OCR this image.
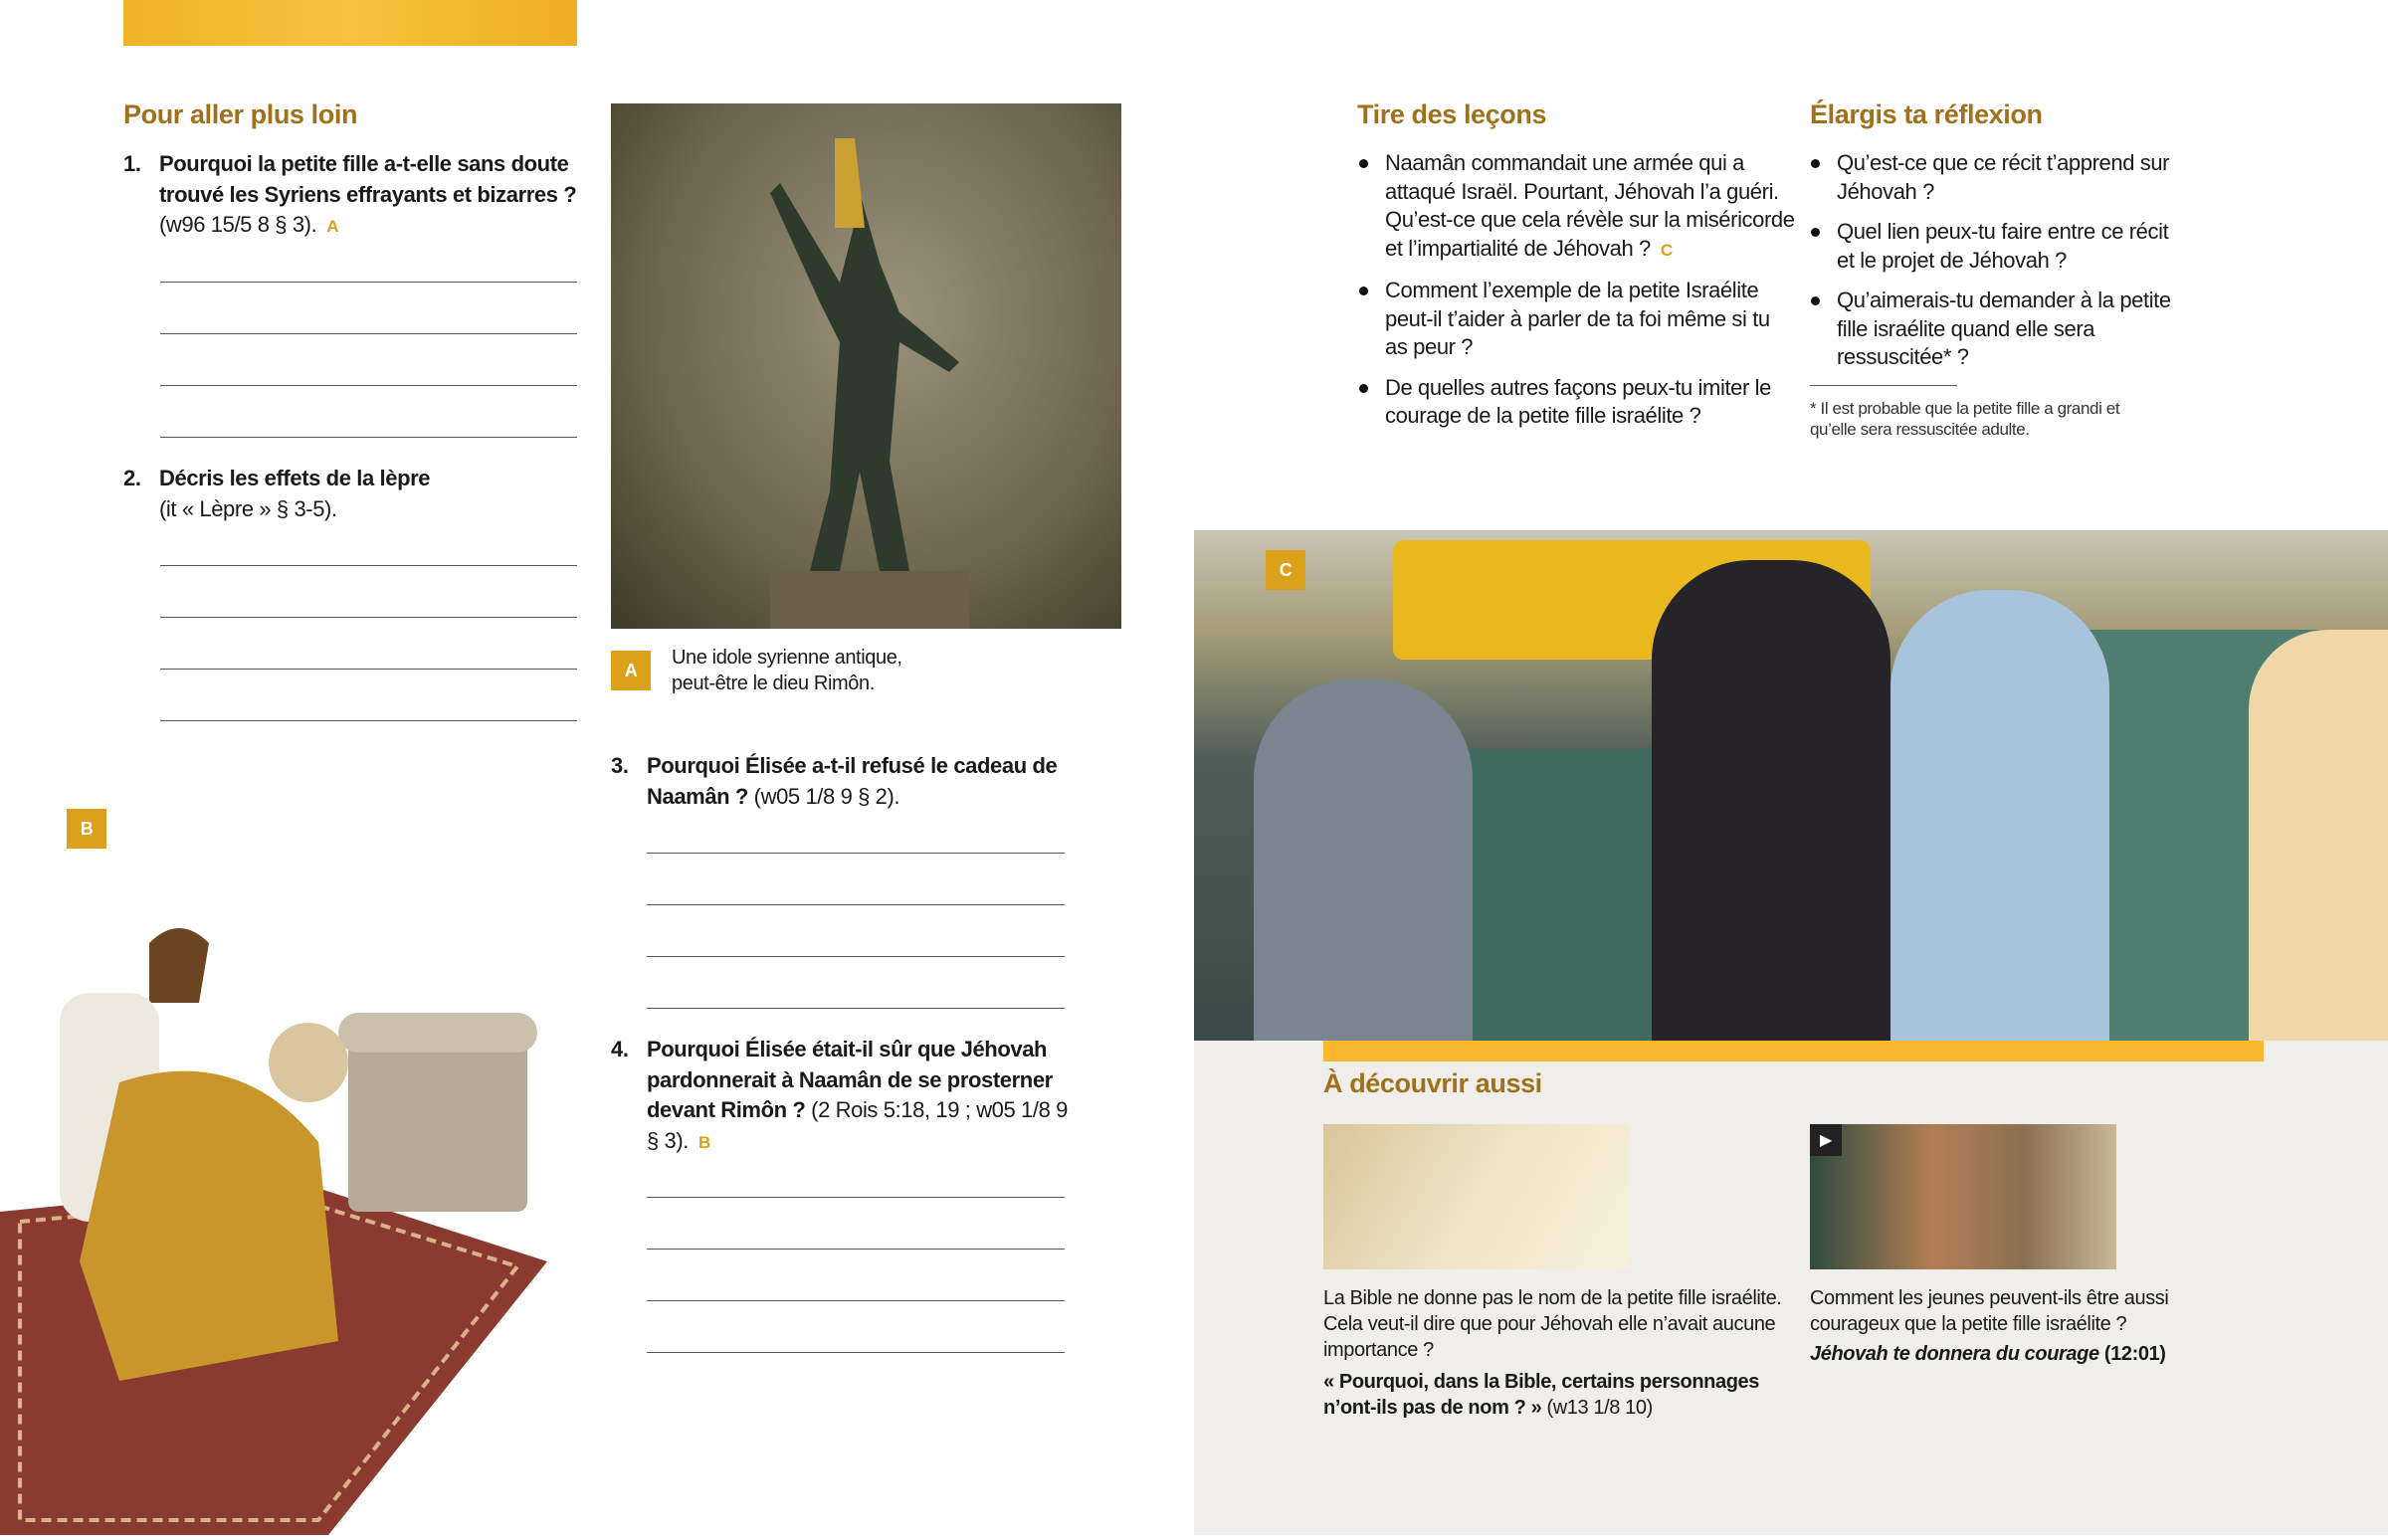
Pour aller plus loin
1. Pourquoi la petite fille a-t-elle sans doute trouvé les Syriens effrayants et bizarres ? (w96 15/5 8 § 3). A
2. Décris les effets de la lèpre
(it « Lèpre » § 3-5).
A
Une idole syrienne antique, peut-être le dieu Rimôn.
3. Pourquoi Élisée a-t-il refusé le cadeau de Naamân ? (w05 1/8 9 § 2).
4. Pourquoi Élisée était-il sûr que Jéhovah pardonnerait à Naamân de se prosterner devant Rimôn ? (2 Rois 5:18, 19 ; w05 1/8 9 § 3). B
B
Tire des leçons
Naamân commandait une armée qui a attaqué Israël. Pourtant, Jéhovah l’a guéri. Qu’est-ce que cela révèle sur la miséricorde et l’impartialité de Jéhovah ? C
Comment l’exemple de la petite Israélite peut-il t’aider à parler de ta foi même si tu as peur ?
De quelles autres façons peux-tu imiter le courage de la petite fille israélite ?
Élargis ta réflexion
Qu’est-ce que ce récit t’apprend sur Jéhovah ?
Quel lien peux-tu faire entre ce récit et le projet de Jéhovah ?
Qu’aimerais-tu demander à la petite fille israélite quand elle sera ressuscitée* ?
* Il est probable que la petite fille a grandi et qu’elle sera ressuscitée adulte.
C
À découvrir aussi
La Bible ne donne pas le nom de la petite fille israélite. Cela veut-il dire que pour Jéhovah elle n’avait aucune importance ?
« Pourquoi, dans la Bible, certains personnages n’ont-ils pas de nom ? » (w13 1/8 10)
▶
Comment les jeunes peuvent-ils être aussi courageux que la petite fille israélite ?
Jéhovah te donnera du courage (12:01)
